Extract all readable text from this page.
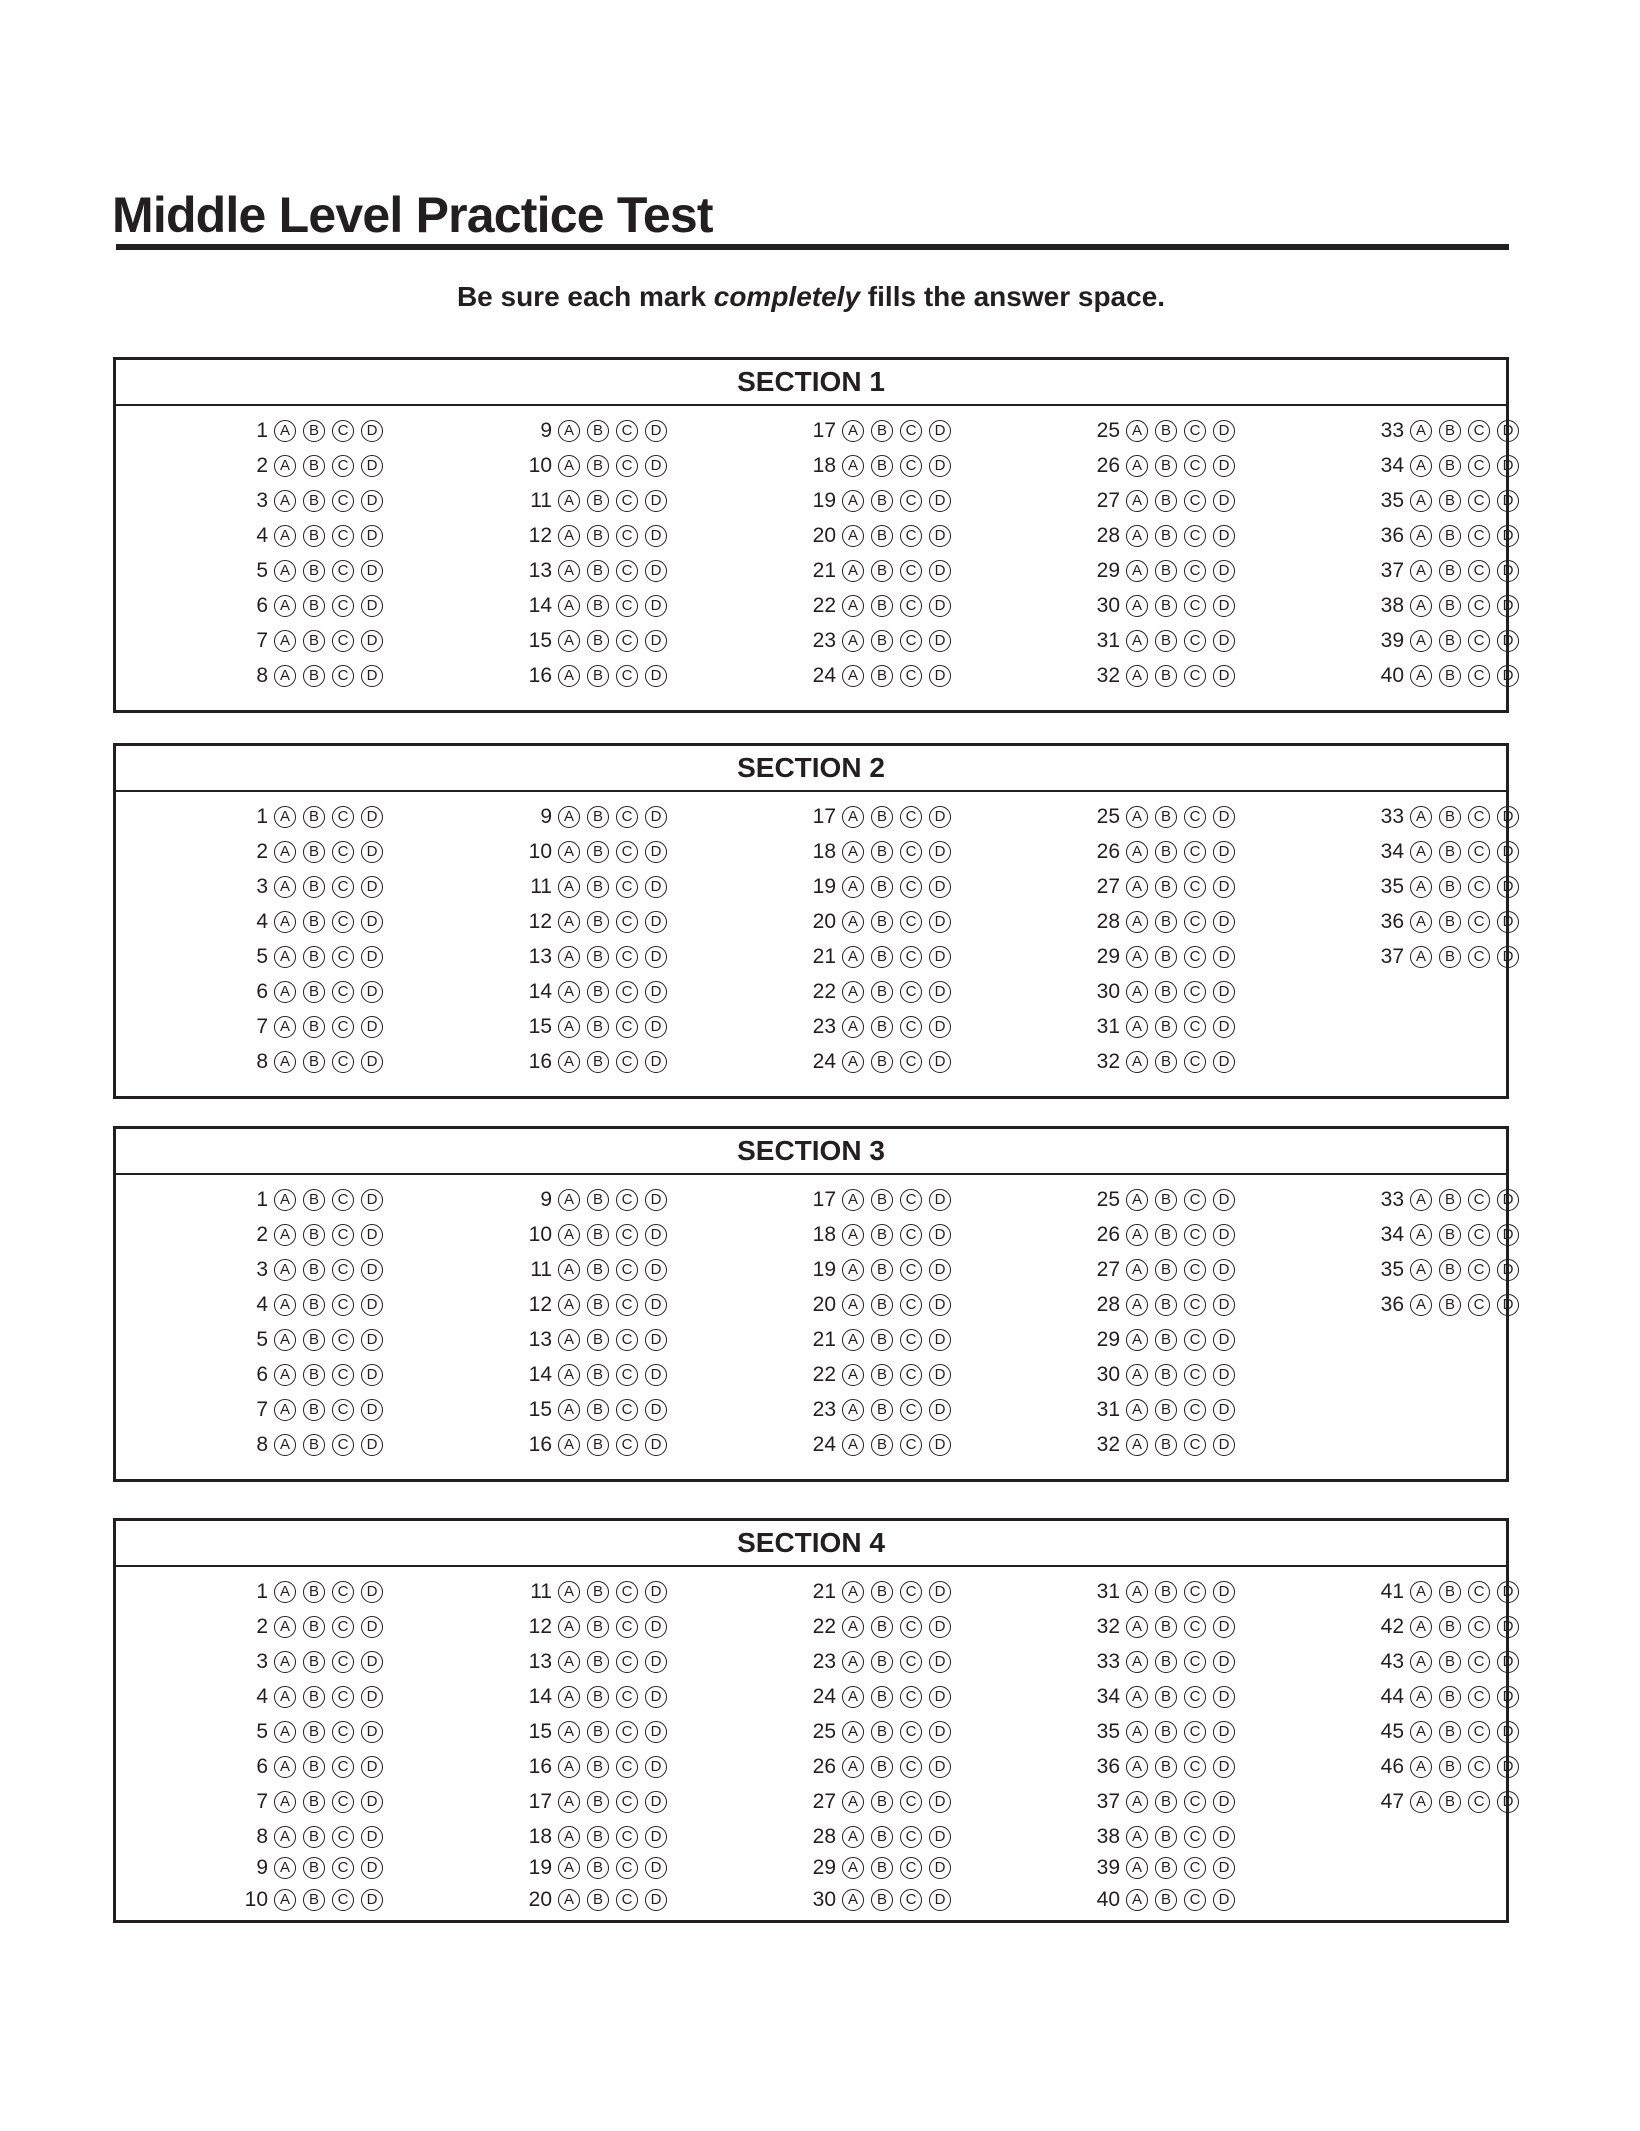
Middle Level Practice Test
Be sure each mark completely fills the answer space.
SECTION 1
1 A	B	C	D
2 A	B	C	D
3 A	B	C	D
4 A	B	C	D
5 A	B	C	D
6 A	B	C	D
7 A	B	C	D
8 A	B	C	D
9 A	B	C	D
10 A	B	C	D
11 A	B	C	D
12 A	B	C	D
13 A	B	C	D
14 A	B	C	D
15 A	B	C	D
16 A	B	C	D
17 A	B	C	D
18 A	B	C	D
19 A	B	C	D
20 A	B	C	D
21 A	B	C	D
22 A	B	C	D
23 A	B	C	D
24 A	B	C	D
25 A	B	C	D
26 A	B	C	D
27 A	B	C	D
28 A	B	C	D
29 A	B	C	D
30 A	B	C	D
31 A	B	C	D
32 A	B	C	D
33 A	B	C	D
34 A	B	C	D
35 A	B	C	D
36 A	B	C	D
37 A	B	C	D
38 A	B	C	D
39 A	B	C	D
40 A	B	C	D
SECTION 2
1 A	B	C	D
2 A	B	C	D
3 A	B	C	D
4 A	B	C	D
5 A	B	C	D
6 A	B	C	D
7 A	B	C	D
8 A	B	C	D
9 A	B	C	D
10 A	B	C	D
11 A	B	C	D
12 A	B	C	D
13 A	B	C	D
14 A	B	C	D
15 A	B	C	D
16 A	B	C	D
17 A	B	C	D
18 A	B	C	D
19 A	B	C	D
20 A	B	C	D
21 A	B	C	D
22 A	B	C	D
23 A	B	C	D
24 A	B	C	D
25 A	B	C	D
26 A	B	C	D
27 A	B	C	D
28 A	B	C	D
29 A	B	C	D
30 A	B	C	D
31 A	B	C	D
32 A	B	C	D
33 A	B	C	D
34 A	B	C	D
35 A	B	C	D
36 A	B	C	D
37 A	B	C	D
SECTION 3
1 A	B	C	D
2 A	B	C	D
3 A	B	C	D
4 A	B	C	D
5 A	B	C	D
6 A	B	C	D
7 A	B	C	D
8 A	B	C	D
9 A	B	C	D
10 A	B	C	D
11 A	B	C	D
12 A	B	C	D
13 A	B	C	D
14 A	B	C	D
15 A	B	C	D
16 A	B	C	D
17 A	B	C	D
18 A	B	C	D
19 A	B	C	D
20 A	B	C	D
21 A	B	C	D
22 A	B	C	D
23 A	B	C	D
24 A	B	C	D
25 A	B	C	D
26 A	B	C	D
27 A	B	C	D
28 A	B	C	D
29 A	B	C	D
30 A	B	C	D
31 A	B	C	D
32 A	B	C	D
33 A	B	C	D
34 A	B	C	D
35 A	B	C	D
36 A	B	C	D
SECTION 4
1 A	B	C	D
2 A	B	C	D
3 A	B	C	D
4 A	B	C	D
5 A	B	C	D
6 A	B	C	D
7 A	B	C	D
8 A	B	C	D
9 A	B	C	D
10 A	B	C	D
11 A	B	C	D
12 A	B	C	D
13 A	B	C	D
14 A	B	C	D
15 A	B	C	D
16 A	B	C	D
17 A	B	C	D
18 A	B	C	D
19 A	B	C	D
20 A	B	C	D
21 A	B	C	D
22 A	B	C	D
23 A	B	C	D
24 A	B	C	D
25 A	B	C	D
26 A	B	C	D
27 A	B	C	D
28 A	B	C	D
29 A	B	C	D
30 A	B	C	D
31 A	B	C	D
32 A	B	C	D
33 A	B	C	D
34 A	B	C	D
35 A	B	C	D
36 A	B	C	D
37 A	B	C	D
38 A	B	C	D
39 A	B	C	D
40 A	B	C	D
41 A	B	C	D
42 A	B	C	D
43 A	B	C	D
44 A	B	C	D
45 A	B	C	D
46 A	B	C	D
47 A	B	C	D
